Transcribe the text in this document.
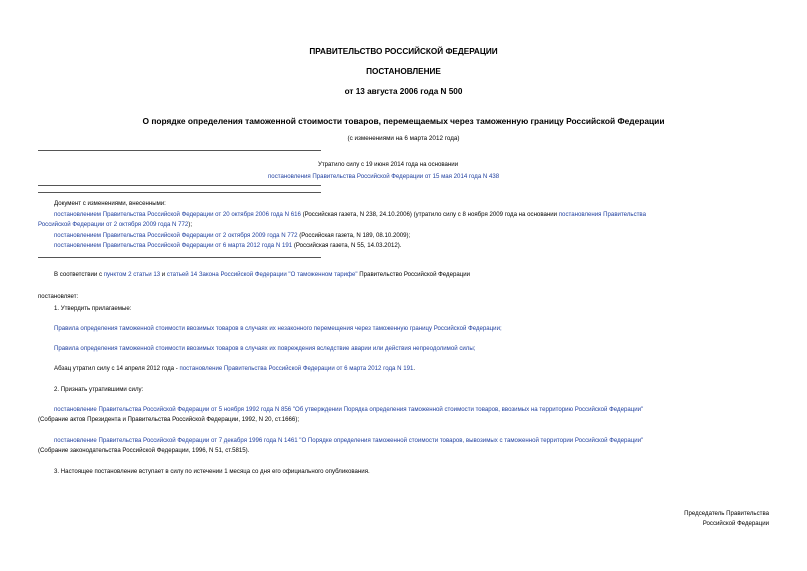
ПРАВИТЕЛЬСТВО РОССИЙСКОЙ ФЕДЕРАЦИИ
ПОСТАНОВЛЕНИЕ
от 13 августа 2006 года N 500
О порядке определения таможенной стоимости товаров, перемещаемых через таможенную границу Российской Федерации
(с изменениями на 6 марта 2012 года)
Утратило силу с 19 июня 2014 года на основании
постановления Правительства Российской Федерации от 15 мая 2014 года N 438
Документ с изменениями, внесенными:
постановлением Правительства Российской Федерации от 20 октября 2006 года N 616 (Российская газета, N 238, 24.10.2006) (утратило силу с 8 ноября 2009 года на основании постановления Правительства
Российской Федерации от 2 октября 2009 года N 772);
постановлением Правительства Российской Федерации от 2 октября 2009 года N 772 (Российская газета, N 189, 08.10.2009);
постановлением Правительства Российской Федерации от 6 марта 2012 года N 191 (Российская газета, N 55, 14.03.2012).
В соответствии с пунктом 2 статьи 13 и статьей 14 Закона Российской Федерации "О таможенном тарифе" Правительство Российской Федерации
постановляет:
1. Утвердить прилагаемые:
Правила определения таможенной стоимости ввозимых товаров в случаях их незаконного перемещения через таможенную границу Российской Федерации;
Правила определения таможенной стоимости ввозимых товаров в случаях их повреждения вследствие аварии или действия непреодолимой силы;
Абзац утратил силу с 14 апреля 2012 года - постановление Правительства Российской Федерации от 6 марта 2012 года N 191.
2. Признать утратившими силу:
постановление Правительства Российской Федерации от 5 ноября 1992 года N 856 "Об утверждении Порядка определения таможенной стоимости товаров, ввозимых на территорию Российской Федерации"
(Собрание актов Президента и Правительства Российской Федерации, 1992, N 20, ст.1666);
постановление Правительства Российской Федерации от 7 декабря 1996 года N 1461 "О Порядке определения таможенной стоимости товаров, вывозимых с таможенной территории Российской Федерации"
(Собрание законодательства Российской Федерации, 1996, N 51, ст.5815).
3. Настоящее постановление вступает в силу по истечении 1 месяца со дня его официального опубликования.
Председатель Правительства
Российской Федерации
